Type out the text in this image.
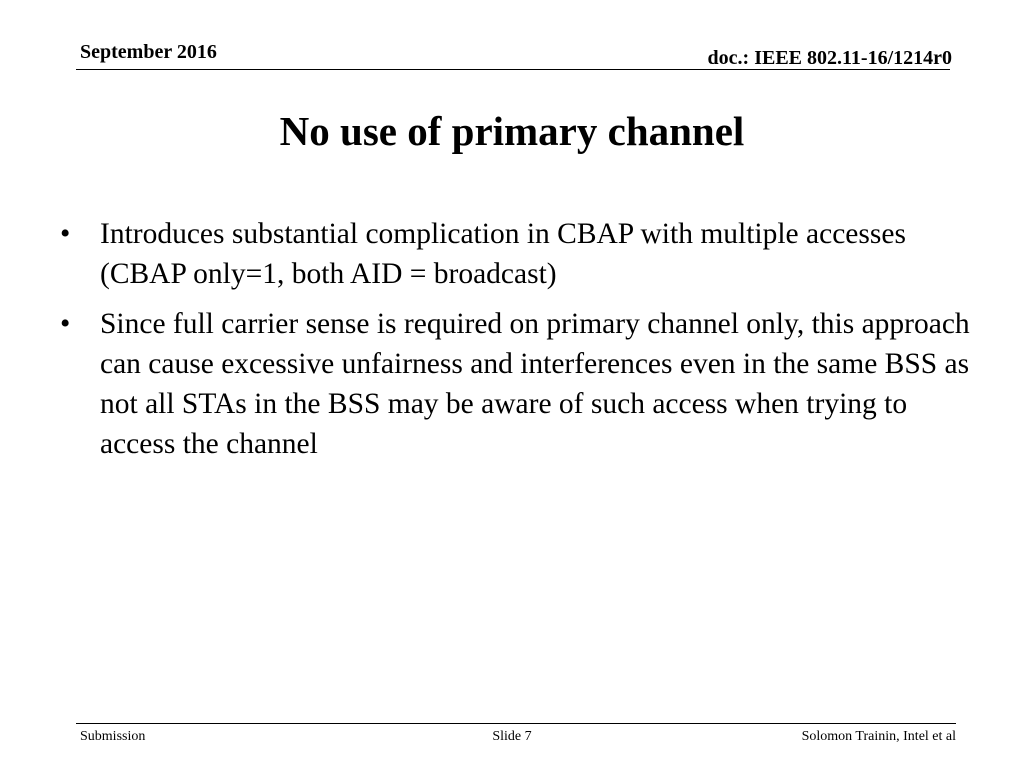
September 2016	doc.: IEEE 802.11-16/1214r0
No use of primary channel
•	Introduces substantial complication in CBAP with multiple accesses (CBAP only=1, both AID = broadcast)
•	Since full carrier sense is required on primary channel only, this approach can cause excessive unfairness and interferences even in the same BSS as not all STAs in the BSS may be aware of such access when trying to access the channel
Submission	Slide 7	Solomon Trainin, Intel et al
